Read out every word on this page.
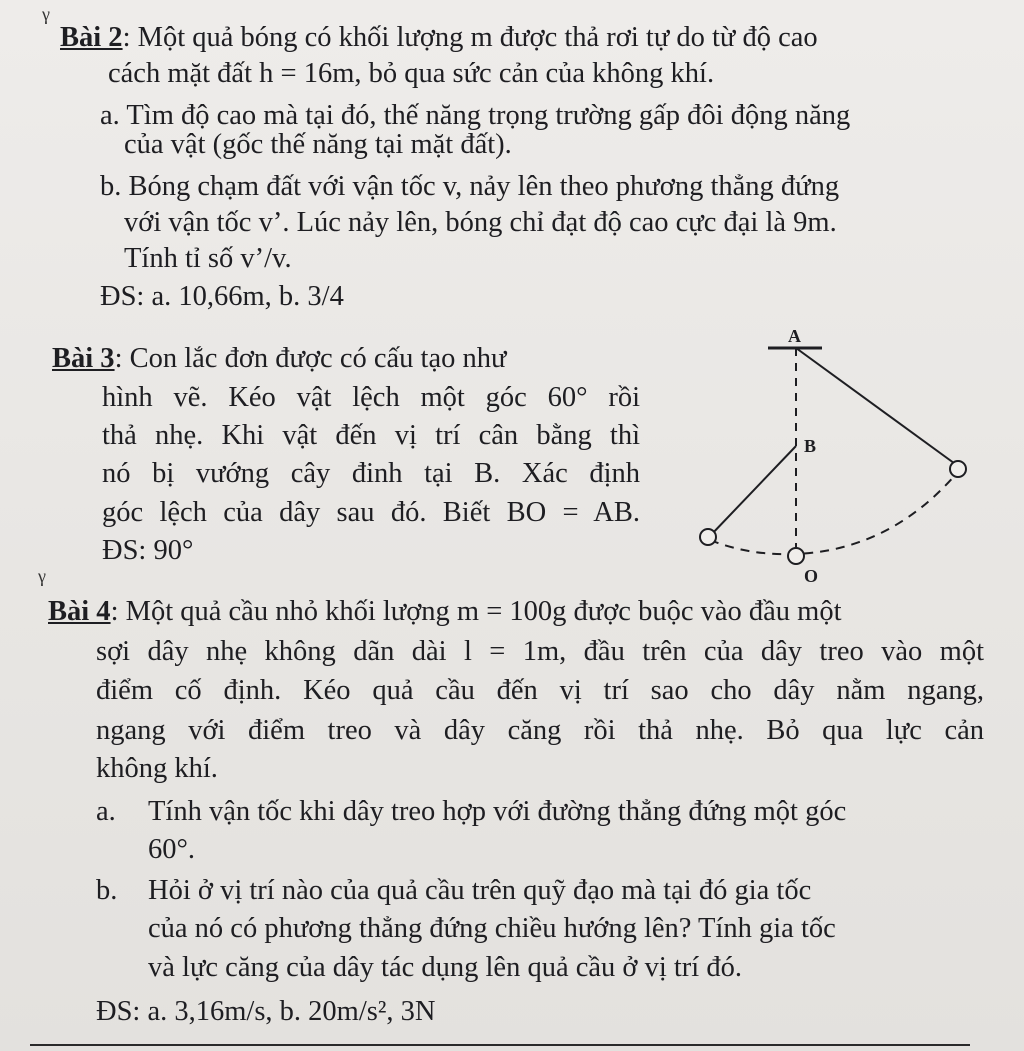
γ
γ
Bài 2: Một quả bóng có khối lượng m được thả rơi tự do từ độ cao
cách mặt đất h = 16m, bỏ qua sức cản của không khí.
a. Tìm độ cao mà tại đó, thế năng trọng trường gấp đôi động năng
của vật (gốc thế năng tại mặt đất).
b. Bóng chạm đất với vận tốc v, nảy lên theo phương thẳng đứng
với vận tốc v’. Lúc nảy lên, bóng chỉ đạt độ cao cực đại là 9m.
Tính tỉ số v’/v.
ĐS: a. 10,66m, b. 3/4
Bài 3: Con lắc đơn được có cấu tạo như
hình vẽ. Kéo vật lệch một góc 60° rồi
thả nhẹ. Khi vật đến vị trí cân bằng thì
nó bị vướng cây đinh tại B. Xác định
góc lệch của dây sau đó. Biết BO = AB.
ĐS: 90°
A
B
O
Bài 4: Một quả cầu nhỏ khối lượng m = 100g được buộc vào đầu một
sợi dây nhẹ không dãn dài l = 1m, đầu trên của dây treo vào một
điểm cố định. Kéo quả cầu đến vị trí sao cho dây nằm ngang,
ngang với điểm treo và dây căng rồi thả nhẹ. Bỏ qua lực cản
không khí.
a. Tính vận tốc khi dây treo hợp với đường thẳng đứng một góc
60°.
b. Hỏi ở vị trí nào của quả cầu trên quỹ đạo mà tại đó gia tốc
của nó có phương thẳng đứng chiều hướng lên? Tính gia tốc
và lực căng của dây tác dụng lên quả cầu ở vị trí đó.
ĐS: a. 3,16m/s, b. 20m/s², 3N
